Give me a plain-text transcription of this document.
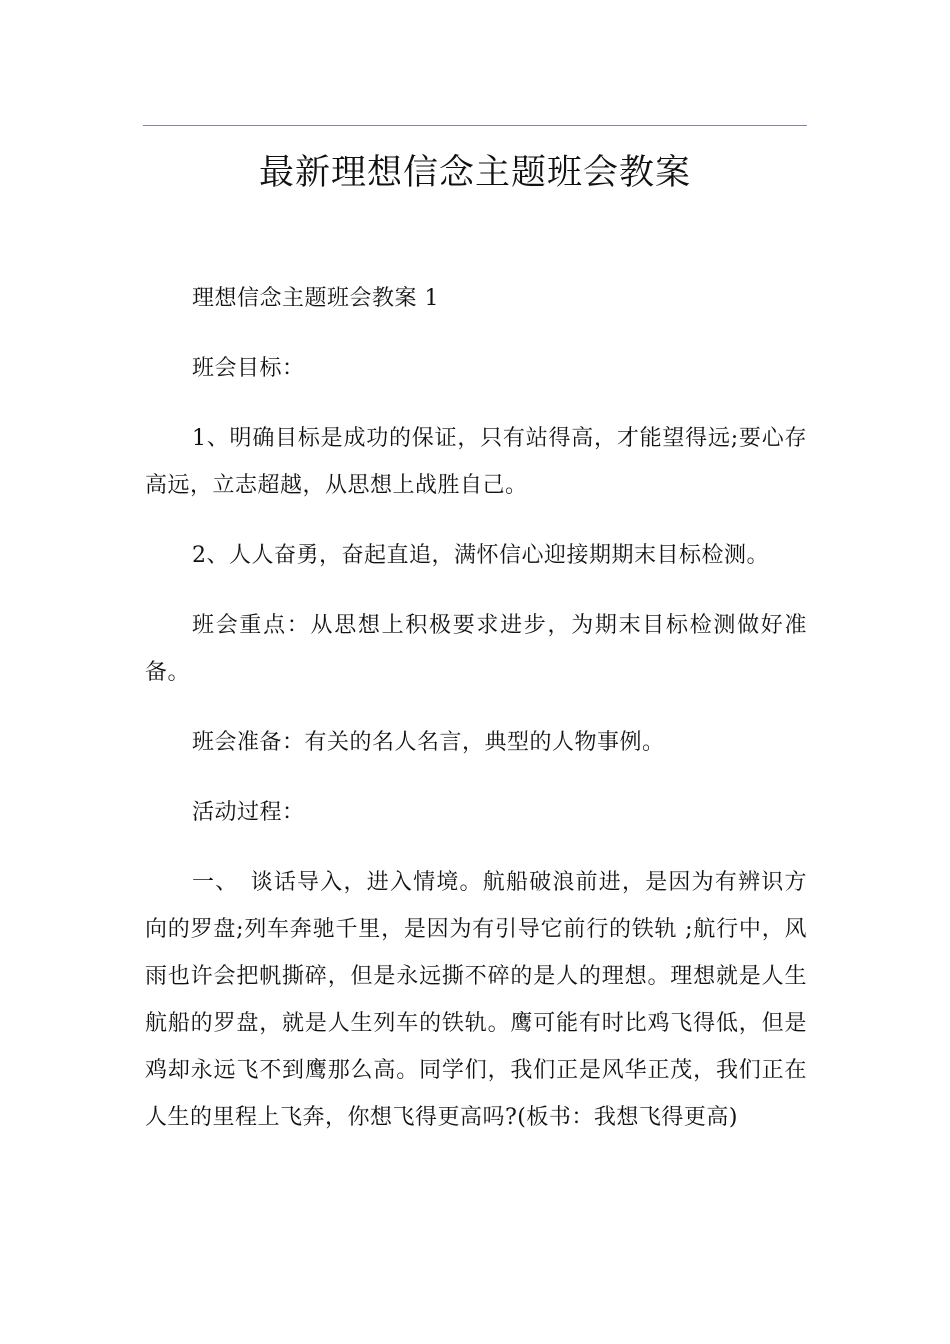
最新理想信念主题班会教案

理想信念主题班会教案 1

班会目标：

1、明确目标是成功的保证，只有站得高，才能望得远;要心存高远，立志超越，从思想上战胜自己。

2、人人奋勇，奋起直追，满怀信心迎接期期末目标检测。

班会重点：从思想上积极要求进步，为期末目标检测做好准备。

班会准备：有关的名人名言，典型的人物事例。

活动过程：

一、　谈话导入，进入情境。航船破浪前进，是因为有辨识方向的罗盘;列车奔驰千里，是因为有引导它前行的铁轨 ;航行中，风雨也许会把帆撕碎，但是永远撕不碎的是人的理想。理想就是人生航船的罗盘，就是人生列车的铁轨。鹰可能有时比鸡飞得低，但是鸡却永远飞不到鹰那么高。同学们，我们正是风华正茂，我们正在人生的里程上飞奔，你想飞得更高吗?(板书：我想飞得更高)
